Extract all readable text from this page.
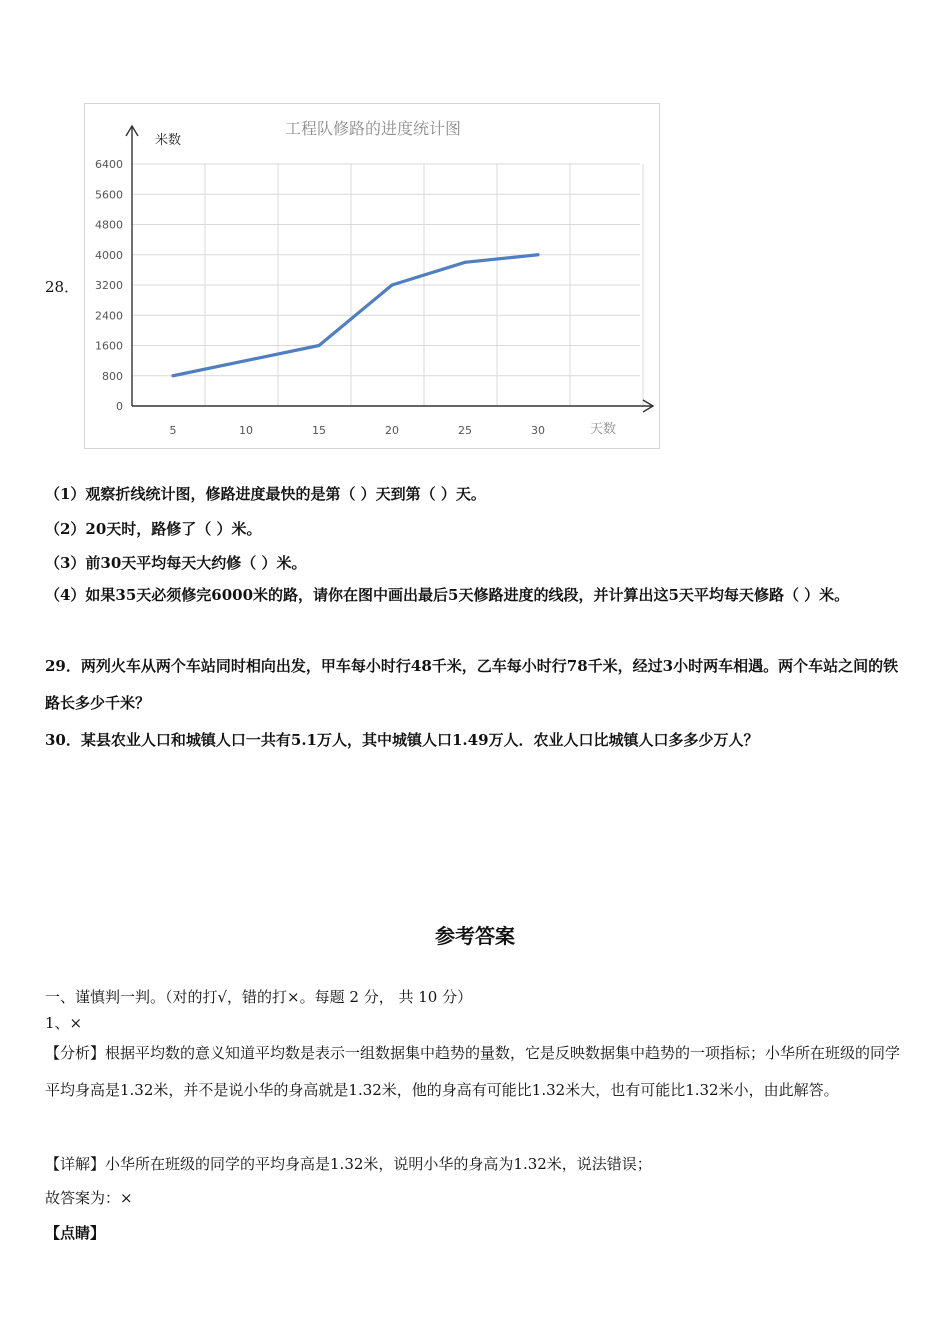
28．
工程队修路的进度统计图
米数
天数
0
800
1600
2400
3200
4000
4800
5600
6400
5	10	15	20	25	30
（1）观察折线统计图，修路进度最快的是第（ ）天到第（ ）天。
（2）20天时，路修了（ ）米。
（3）前30天平均每天大约修（ ）米。
（4）如果35天必须修完6000米的路，请你在图中画出最后5天修路进度的线段，并计算出这5天平均每天修路（ ）米。
29．两列火车从两个车站同时相向出发，甲车每小时行48千米，乙车每小时行78千米，经过3小时两车相遇。两个车站之间的铁路长多少千米？
30．某县农业人口和城镇人口一共有5.1万人，其中城镇人口1.49万人．农业人口比城镇人口多多少万人？
参考答案
一、谨慎判一判。（对的打√，错的打×。每题 2 分， 共 10 分）
1、×
【分析】根据平均数的意义知道平均数是表示一组数据集中趋势的量数，它是反映数据集中趋势的一项指标；小华所在班级的同学平均身高是1.32米，并不是说小华的身高就是1.32米，他的身高有可能比1.32米大，也有可能比1.32米小，由此解答。
【详解】小华所在班级的同学的平均身高是1.32米，说明小华的身高为1.32米，说法错误；
故答案为：×
【点睛】
